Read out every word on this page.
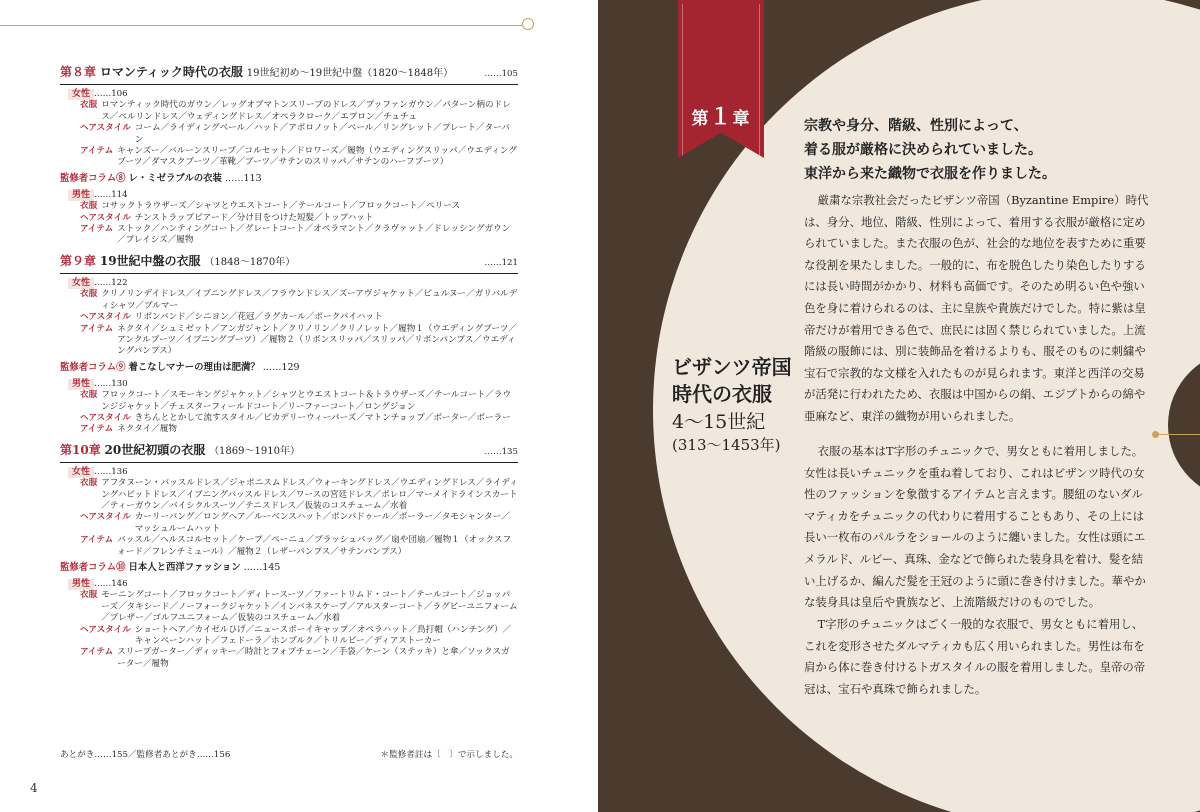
第８章 ロマンティック時代の衣服 19世紀初め～19世紀中盤（1820～1848年）	……105
女性 ……106
衣服 ロマンティック時代のガウン／レッグオブマトンスリーブのドレス／プッファンガウン／パターン柄のドレス／ペルリンドレス／ウェディングドレス／オペラクローク／エプロン／チュチュ
ヘアスタイル コーム／ライディングベール／ハット／アポロノット／ベール／リングレット／プレート／ターバン
アイテム キャンズー／バルーンスリーブ／コルセット／ドロワーズ／履物（ウエディングスリッパ／ウエディングブーツ／ダマスクブーツ／革靴／ブーツ／サテンのスリッパ／サテンのハーフブーツ）
監修者コラム⑧ レ・ミゼラブルの衣装 ……113
男性 ……114
衣服 コサックトラウザーズ／シャツとウエストコート／テールコート／フロックコート／ペリース
ヘアスタイル チンストラップビアード／分け目をつけた短髪／トップハット
アイテム ストック／ハンティングコート／グレートコート／オペラマント／クラヴァット／ドレッシングガウン／プレイシズ／履物
第９章 19世紀中盤の衣服 （1848～1870年）	……121
女性 ……122
衣服 クリノリンデイドレス／イブニングドレス／フラウンドレス／ズーアヴジャケット／ピュルヌー／ガリバルディシャツ／ブルマー
ヘアスタイル リボンバンド／シニヨン／花冠／ラグカール／ポークパイハット
アイテム ネクタイ／シュミゼット／アンガジャント／クリノリン／クリノレット／履物１（ウエディングブーツ／アンクルブーツ／イブニングブーツ）／履物２（リボンスリッパ／スリッパ／リボンパンプス／ウエディングパンプス）
監修者コラム⑨ 着こなしマナーの理由は肥満？ ……129
男性 ……130
衣服 フロックコート／スモーキングジャケット／シャツとウエストコート＆トラウザーズ／テールコート／ラウンジジャケット／チェスターフィールドコート／リーファーコート／ロングジョン
ヘアスタイル きちんととかして流すスタイル／ピカデリーウィーパーズ／マトンチョップ／ボーター／ボーラー
アイテム ネクタイ／履物
第10章 20世紀初頭の衣服 （1869～1910年）	……135
女性 ……136
衣服 アフタヌーン・バッスルドレス／ジャポニスムドレス／ウォーキングドレス／ウエディングドレス／ライディングハビットドレス／イブニングバッスルドレス／ワースの宮廷ドレス／ポレロ／マーメイドラインスカート／ティーガウン／バイシクルスーツ／テニスドレス／仮装のコスチューム／水着
ヘアスタイル カーリーバング／ロングヘア／ルーベンスハット／ポンパドゥール／ボーラー／タモシャンター／マッシュルームハット
アイテム バッスル／ヘルスコルセット／ケープ／ペーニュ／ブラッシュバッグ／扇や団扇／履物１（オックスフォード／フレンチミュール）／履物２（レザーパンプス／サテンパンプス）
監修者コラム⑩ 日本人と西洋ファッション ……145
男性 ……146
衣服 モーニングコート／フロックコート／ディトースーツ／ファートリムド・コート／テールコート／ジョッパーズ／タキシード／ノーフォークジャケット／インバネスケープ／アルスターコート／ラグビーユニフォーム／ブレザー／ゴルフユニフォーム／仮装のコスチューム／水着
ヘアスタイル ショートヘア／カイゼルひげ／ニュースボーイキャップ／オペラハット／鳥打帽（ハンチング）／キャンペーンハット／フェドーラ／ホンブルク／トリルビー／ディアストーカー
アイテム スリーブガーター／ディッキー／時計とフォブチェーン／手袋／ケーン（ステッキ）と傘／ソックスガーター／履物
あとがき……155／監修者あとがき……156	＊監修者註は〔　〕で示しました。
4
第１章
ビザンツ帝国
時代の衣服
4～15世紀
(313～1453年)
宗教や身分、階級、性別によって、
着る服が厳格に決められていました。
東洋から来た織物で衣服を作りました。
厳粛な宗教社会だったビザンツ帝国（Byzantine Empire）時代は、身分、地位、階級、性別によって、着用する衣服が厳格に定められていました。また衣服の色が、社会的な地位を表すために重要な役割を果たしました。一般的に、布を脱色したり染色したりするには長い時間がかかり、材料も高価です。そのため明るい色や強い色を身に着けられるのは、主に皇族や貴族だけでした。特に紫は皇帝だけが着用できる色で、庶民には固く禁じられていました。上流階級の服飾には、別に装飾品を着けるよりも、服そのものに刺繍や宝石で宗教的な文様を入れたものが見られます。東洋と西洋の交易が活発に行われたため、衣服は中国からの絹、エジプトからの綿や亜麻など、東洋の織物が用いられました。
衣服の基本はT字形のチュニックで、男女ともに着用しました。女性は長いチュニックを重ね着しており、これはビザンツ時代の女性のファッションを象徴するアイテムと言えます。腰紐のないダルマティカをチュニックの代わりに着用することもあり、その上には長い一枚布のパルラをショールのように纏いました。女性は頭にエメラルド、ルビー、真珠、金などで飾られた装身具を着け、髪を結い上げるか、編んだ髪を王冠のように頭に巻き付けました。華やかな装身具は皇后や貴族など、上流階級だけのものでした。
T字形のチュニックはごく一般的な衣服で、男女ともに着用し、これを変形させたダルマティカも広く用いられました。男性は布を肩から体に巻き付けるトガスタイルの服を着用しました。皇帝の帝冠は、宝石や真珠で飾られました。
